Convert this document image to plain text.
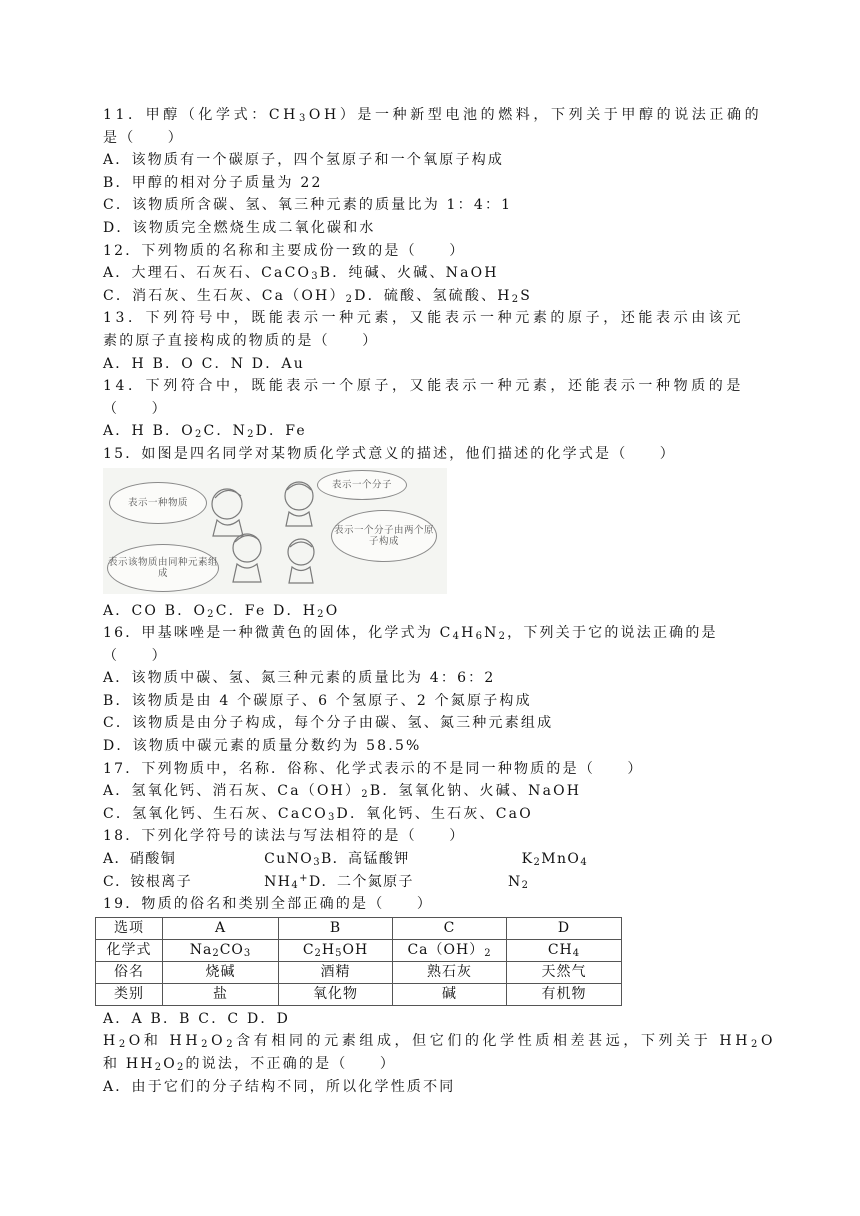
11．甲醇（化学式：$CH_3OH$）是一种新型电池的燃料，下列关于甲醇的说法正确的
是（　　）
A．该物质有一个碳原子，四个氢原子和一个氧原子构成
B．甲醇的相对分子质量为 22
C．该物质所含碳、氢、氧三种元素的质量比为 1：4：1
D．该物质完全燃烧生成二氧化碳和水
12．下列物质的名称和主要成份一致的是（　　）
A．大理石、石灰石、CaCO$_3$B．纯碱、火碱、NaOH
C．消石灰、生石灰、$Ca(OH)_2D$．硫酸、氢硫酸、$H_2S$
13．下列符号中，既能表示一种元素，又能表示一种元素的原子，还能表示由该元
素的原子直接构成的物质的是（　　）
A．H B．O C．N D．Au
14．下列符合中，既能表示一个原子，又能表示一种元素，还能表示一种物质的是
（　　）
A．H B．$O_2C$．$N_2D$．Fe
15．如图是四名同学对某物质化学式意义的描述，他们描述的化学式是（　　）
表示一种物质
表示一个分子
表示一个分子由两个原子构成
表示该物质由同种元素组成
A．CO B．$O_2C$．Fe D．$H_2O$
16．甲基咪唑是一种微黄色的固体，化学式为 $C_4H_6N_2$，下列关于它的说法正确的是
（　　）
A．该物质中碳、氢、氮三种元素的质量比为 4：6：2
B．该物质是由 4 个碳原子、6 个氢原子、2 个氮原子构成
C．该物质是由分子构成，每个分子由碳、氢、氮三种元素组成
D．该物质中碳元素的质量分数约为 58.5%
17．下列物质中，名称．俗称、化学式表示的不是同一种物质的是（　　）
A．氢氧化钙、消石灰、$Ca(OH)_2B$．氢氧化钠、火碱、NaOH
C．氢氧化钙、生石灰、CaCO$_3$D．氧化钙、生石灰、CaO
18．下列化学符号的读法与写法相符的是（　　）
A．硝酸铜	CuNO$_3$B．高锰酸钾	$K_2MnO_4$
C．铵根离子	$NH_4^+D$．二个氮原子	$N_2$
19．物质的俗名和类别全部正确的是（　　）
选项	A	B	C	D
化学式	$Na_2CO_3$	$C_2H_5OH$	$Ca(OH)_2$	$CH_4$
俗名	烧碱	酒精	熟石灰	天然气
类别	盐	氧化物	碱	有机物
A．A B．B C．C D．D
$H_2O$和 $HH_2O_2$含有相同的元素组成，但它们的化学性质相差甚远，下列关于 $HH_2O$
和 $HH_2O_2$的说法，不正确的是（　　）
A．由于它们的分子结构不同，所以化学性质不同
